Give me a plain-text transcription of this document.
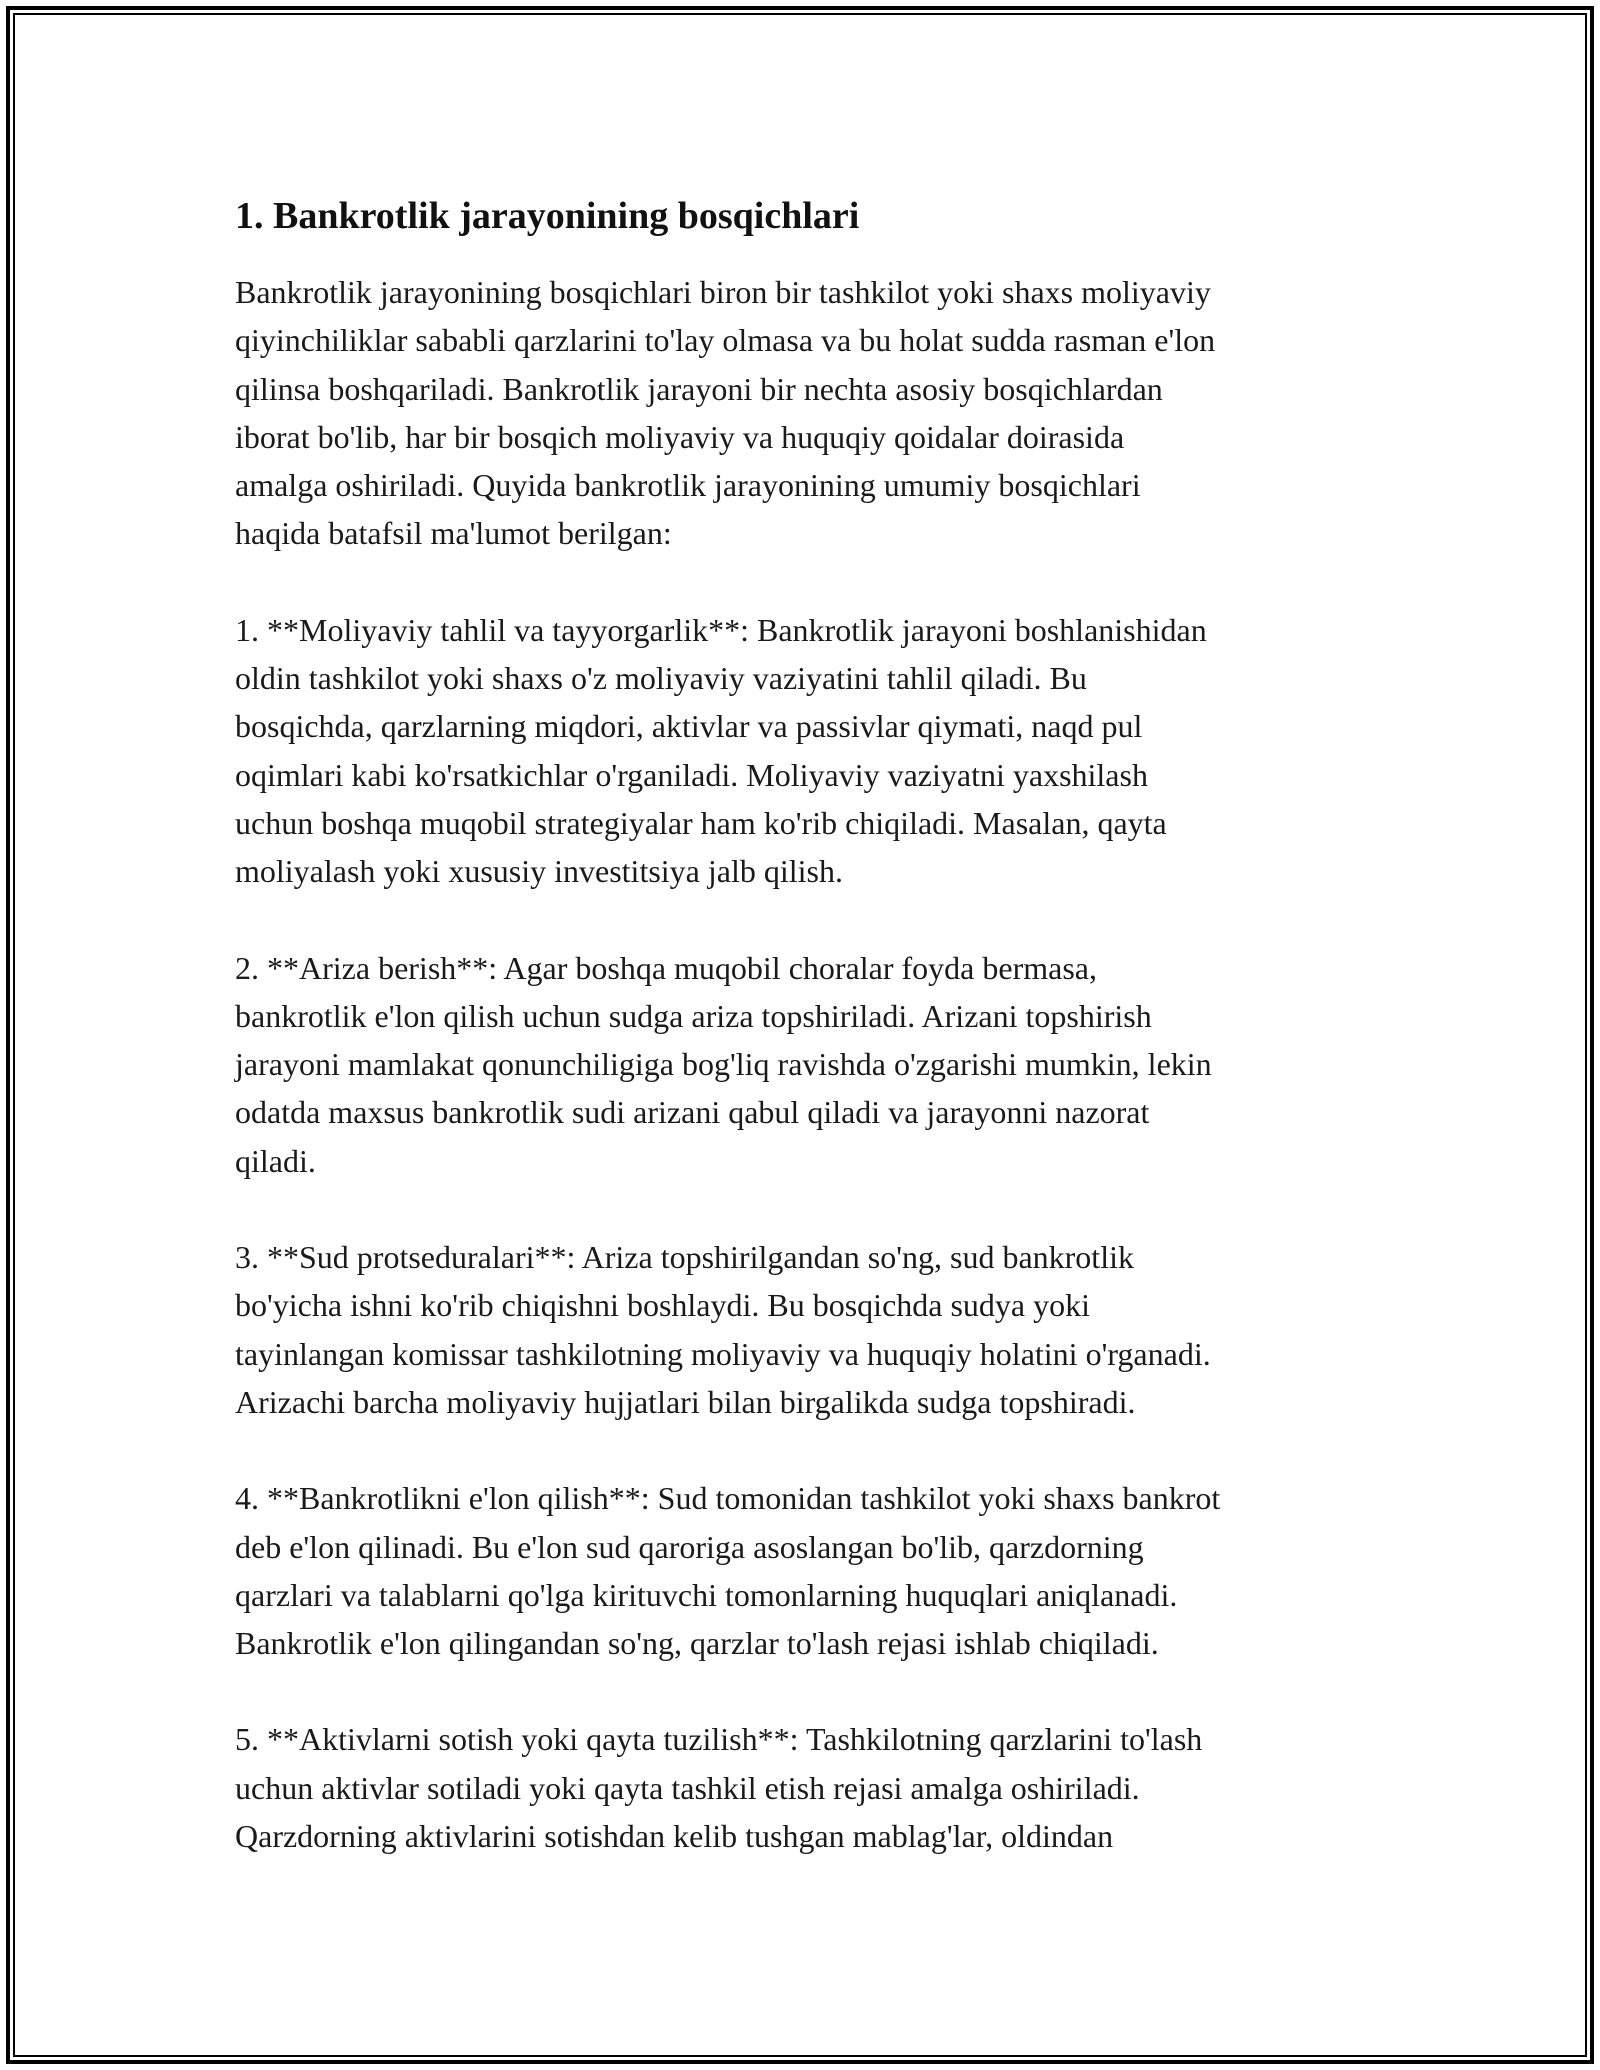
1. Bankrotlik jarayonining bosqichlari

Bankrotlik jarayonining bosqichlari biron bir tashkilot yoki shaxs moliyaviy
qiyinchiliklar sababli qarzlarini to'lay olmasa va bu holat sudda rasman e'lon
qilinsa boshqariladi. Bankrotlik jarayoni bir nechta asosiy bosqichlardan
iborat bo'lib, har bir bosqich moliyaviy va huquqiy qoidalar doirasida
amalga oshiriladi. Quyida bankrotlik jarayonining umumiy bosqichlari
haqida batafsil ma'lumot berilgan:

1. **Moliyaviy tahlil va tayyorgarlik**: Bankrotlik jarayoni boshlanishidan
oldin tashkilot yoki shaxs o'z moliyaviy vaziyatini tahlil qiladi. Bu
bosqichda, qarzlarning miqdori, aktivlar va passivlar qiymati, naqd pul
oqimlari kabi ko'rsatkichlar o'rganiladi. Moliyaviy vaziyatni yaxshilash
uchun boshqa muqobil strategiyalar ham ko'rib chiqiladi. Masalan, qayta
moliyalash yoki xususiy investitsiya jalb qilish.

2. **Ariza berish**: Agar boshqa muqobil choralar foyda bermasa,
bankrotlik e'lon qilish uchun sudga ariza topshiriladi. Arizani topshirish
jarayoni mamlakat qonunchiligiga bog'liq ravishda o'zgarishi mumkin, lekin
odatda maxsus bankrotlik sudi arizani qabul qiladi va jarayonni nazorat
qiladi.

3. **Sud protseduralari**: Ariza topshirilgandan so'ng, sud bankrotlik
bo'yicha ishni ko'rib chiqishni boshlaydi. Bu bosqichda sudya yoki
tayinlangan komissar tashkilotning moliyaviy va huquqiy holatini o'rganadi.
Arizachi barcha moliyaviy hujjatlari bilan birgalikda sudga topshiradi.

4. **Bankrotlikni e'lon qilish**: Sud tomonidan tashkilot yoki shaxs bankrot
deb e'lon qilinadi. Bu e'lon sud qaroriga asoslangan bo'lib, qarzdorning
qarzlari va talablarni qo'lga kirituvchi tomonlarning huquqlari aniqlanadi.
Bankrotlik e'lon qilingandan so'ng, qarzlar to'lash rejasi ishlab chiqiladi.

5. **Aktivlarni sotish yoki qayta tuzilish**: Tashkilotning qarzlarini to'lash
uchun aktivlar sotiladi yoki qayta tashkil etish rejasi amalga oshiriladi.
Qarzdorning aktivlarini sotishdan kelib tushgan mablag'lar, oldindan
